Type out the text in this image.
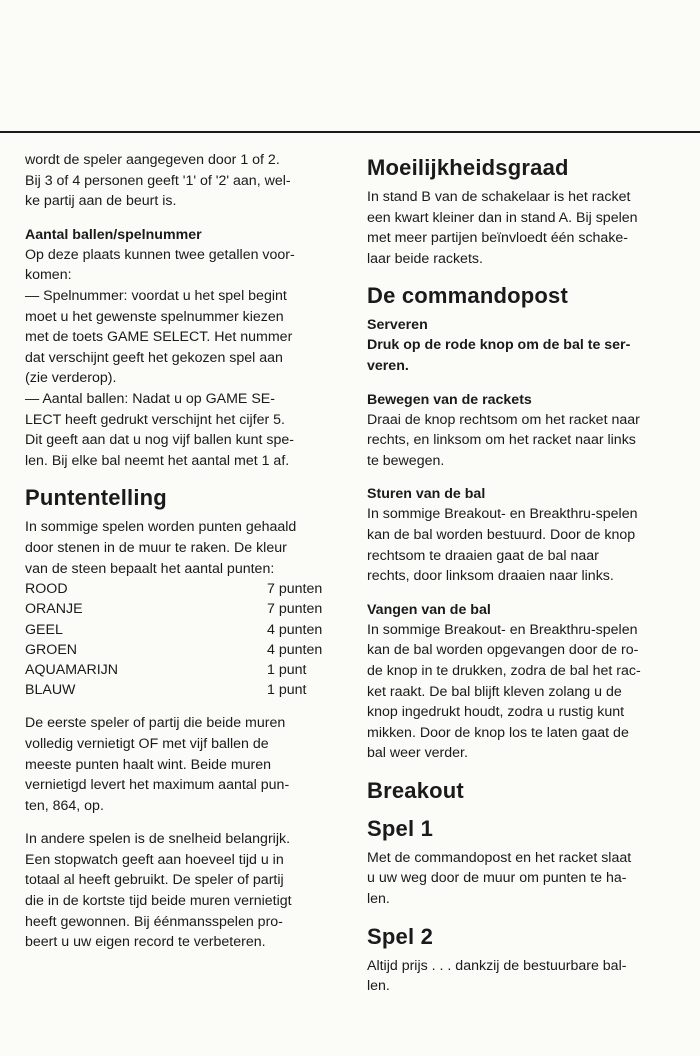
wordt de speler aangegeven door 1 of 2.
Bij 3 of 4 personen geeft '1' of '2' aan, wel-
ke partij aan de beurt is.
Aantal ballen/spelnummer
Op deze plaats kunnen twee getallen voor-
komen:
— Spelnummer: voordat u het spel begint
moet u het gewenste spelnummer kiezen
met de toets GAME SELECT. Het nummer
dat verschijnt geeft het gekozen spel aan
(zie verderop).
— Aantal ballen: Nadat u op GAME SE-
LECT heeft gedrukt verschijnt het cijfer 5.
Dit geeft aan dat u nog vijf ballen kunt spe-
len. Bij elke bal neemt het aantal met 1 af.
Puntentelling
In sommige spelen worden punten gehaald
door stenen in de muur te raken. De kleur
van de steen bepaalt het aantal punten:
ROOD	7 punten
ORANJE	7 punten
GEEL	4 punten
GROEN	4 punten
AQUAMARIJN	1 punt
BLAUW	1 punt
De eerste speler of partij die beide muren
volledig vernietigt OF met vijf ballen de
meeste punten haalt wint. Beide muren
vernietigd levert het maximum aantal pun-
ten, 864, op.
In andere spelen is de snelheid belangrijk.
Een stopwatch geeft aan hoeveel tijd u in
totaal al heeft gebruikt. De speler of partij
die in de kortste tijd beide muren vernietigt
heeft gewonnen. Bij éénmansspelen pro-
beert u uw eigen record te verbeteren.
Moeilijkheidsgraad
In stand B van de schakelaar is het racket
een kwart kleiner dan in stand A. Bij spelen
met meer partijen beïnvloedt één schake-
laar beide rackets.
De commandopost
Serveren
Druk op de rode knop om de bal te ser-
veren.
Bewegen van de rackets
Draai de knop rechtsom om het racket naar
rechts, en linksom om het racket naar links
te bewegen.
Sturen van de bal
In sommige Breakout- en Breakthru-spelen
kan de bal worden bestuurd. Door de knop
rechtsom te draaien gaat de bal naar
rechts, door linksom draaien naar links.
Vangen van de bal
In sommige Breakout- en Breakthru-spelen
kan de bal worden opgevangen door de ro-
de knop in te drukken, zodra de bal het rac-
ket raakt. De bal blijft kleven zolang u de
knop ingedrukt houdt, zodra u rustig kunt
mikken. Door de knop los te laten gaat de
bal weer verder.
Breakout
Spel 1
Met de commandopost en het racket slaat
u uw weg door de muur om punten te ha-
len.
Spel 2
Altijd prijs . . . dankzij de bestuurbare bal-
len.
